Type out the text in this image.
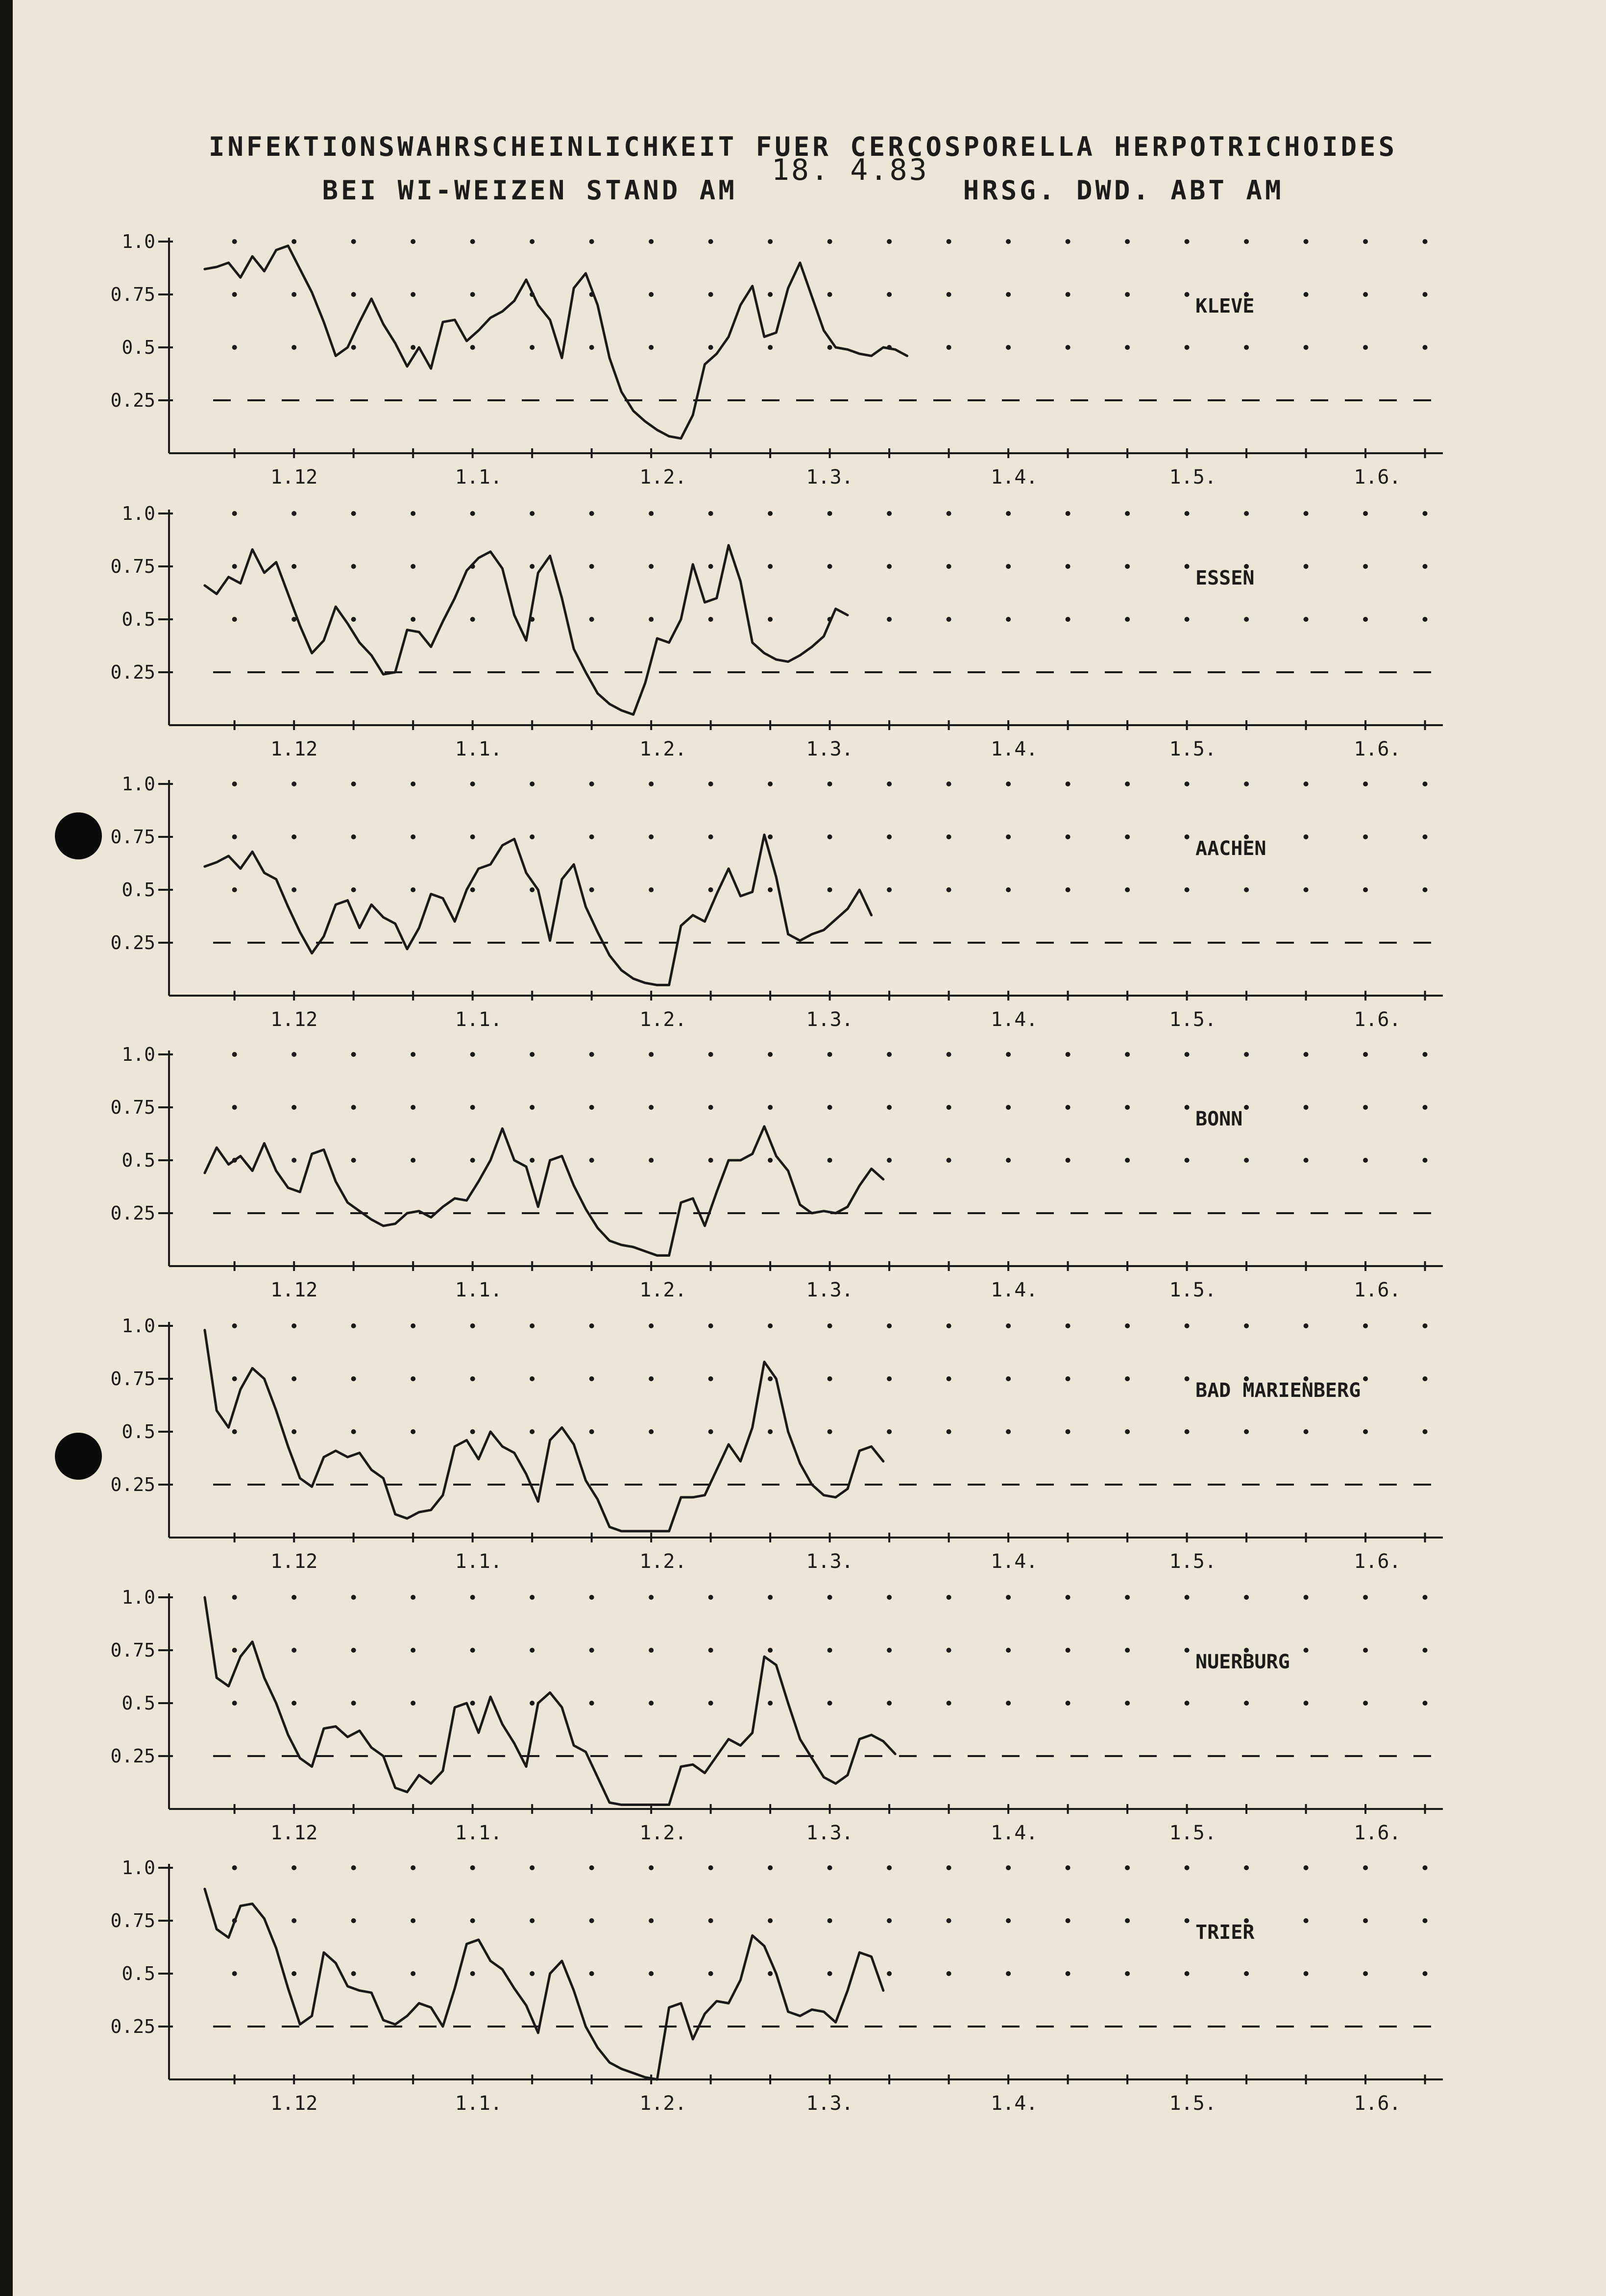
INFEKTIONSWAHRSCHEINLICHKEIT FUER CERCOSPORELLA HERPOTRICHOIDES
BEI WI-WEIZEN STAND AM18. 4.83HRSG. DWD. ABT AM
1.0
0.75
0.5
0.25
1.12	1.1.	1.2.	1.3.	1.4.	1.5.	1.6.
KLEVE
1.0
0.75
0.5
0.25
1.12	1.1.	1.2.	1.3.	1.4.	1.5.	1.6.
ESSEN
1.0
0.75
0.5
0.25
1.12	1.1.	1.2.	1.3.	1.4.	1.5.	1.6.
AACHEN
1.0
0.75
0.5
0.25
1.12	1.1.	1.2.	1.3.	1.4.	1.5.	1.6.
BONN
1.0
0.75
0.5
0.25
1.12	1.1.	1.2.	1.3.	1.4.	1.5.	1.6.
BAD MARIENBERG
1.0
0.75
0.5
0.25
1.12	1.1.	1.2.	1.3.	1.4.	1.5.	1.6.
NUERBURG
1.0
0.75
0.5
0.25
1.12	1.1.	1.2.	1.3.	1.4.	1.5.	1.6.
TRIER
